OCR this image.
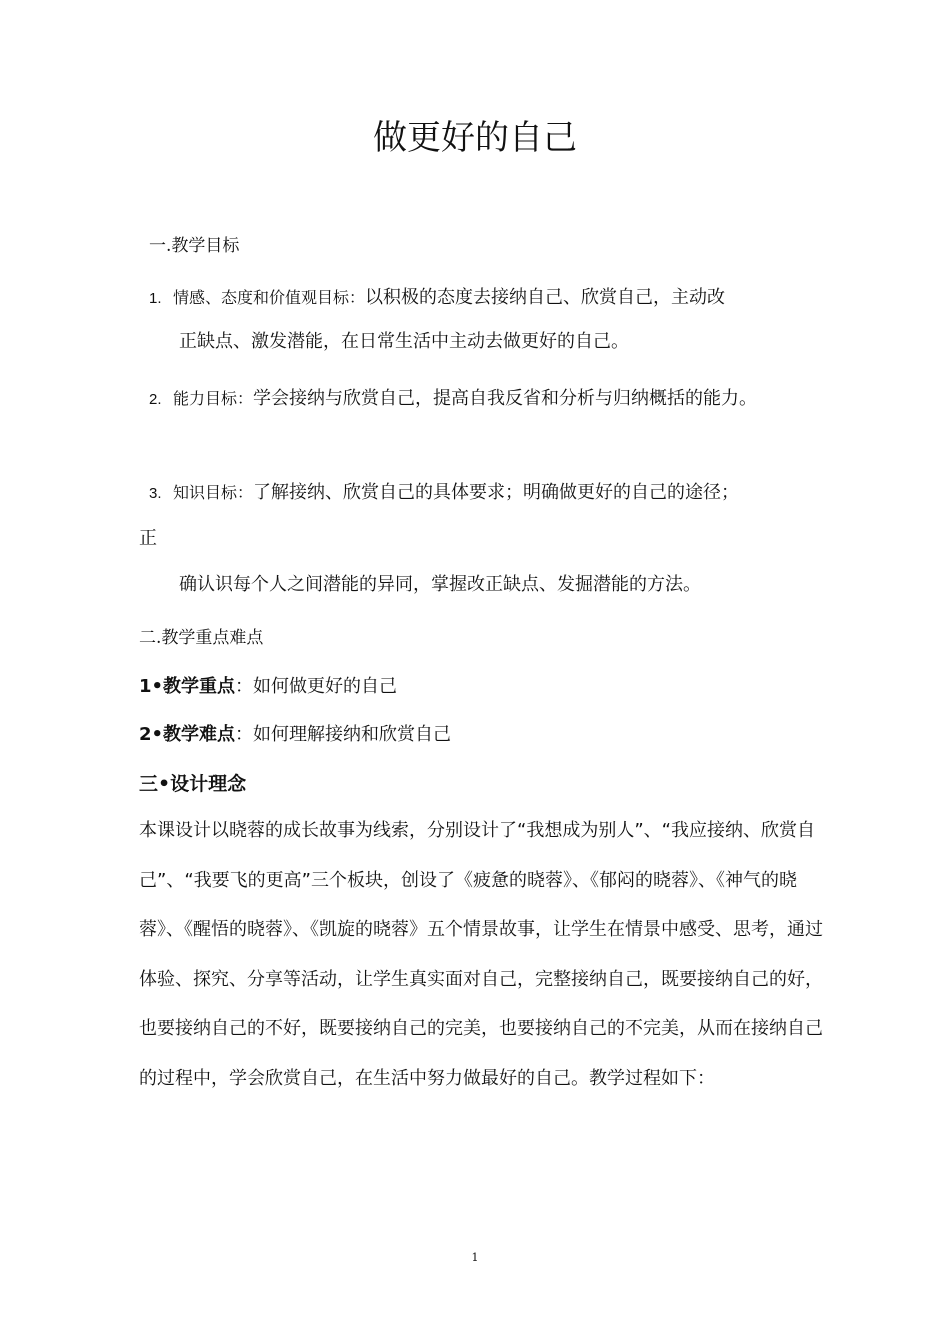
做更好的自己
一.教学目标
1. 情感、态度和价值观目标：以积极的态度去接纳自己、欣赏自己，主动改
正缺点、激发潜能，在日常生活中主动去做更好的自己。
2. 能力目标：学会接纳与欣赏自己，提高自我反省和分析与归纳概括的能力。
3. 知识目标：了解接纳、欣赏自己的具体要求；明确做更好的自己的途径；
正
确认识每个人之间潜能的异同，掌握改正缺点、发掘潜能的方法。
二.教学重点难点
1•教学重点：如何做更好的自己
2•教学难点：如何理解接纳和欣赏自己
三•设计理念
本课设计以晓蓉的成长故事为线索，分别设计了“我想成为别人”、“我应接纳、欣赏自己”、“我要飞的更高”三个板块，创设了《疲惫的晓蓉》、《郁闷的晓蓉》、《神气的晓蓉》、《醒悟的晓蓉》、《凯旋的晓蓉》五个情景故事，让学生在情景中感受、思考，通过体验、探究、分享等活动，让学生真实面对自己，完整接纳自己，既要接纳自己的好，也要接纳自己的不好，既要接纳自己的完美，也要接纳自己的不完美，从而在接纳自己的过程中，学会欣赏自己，在生活中努力做最好的自己。教学过程如下：
1
